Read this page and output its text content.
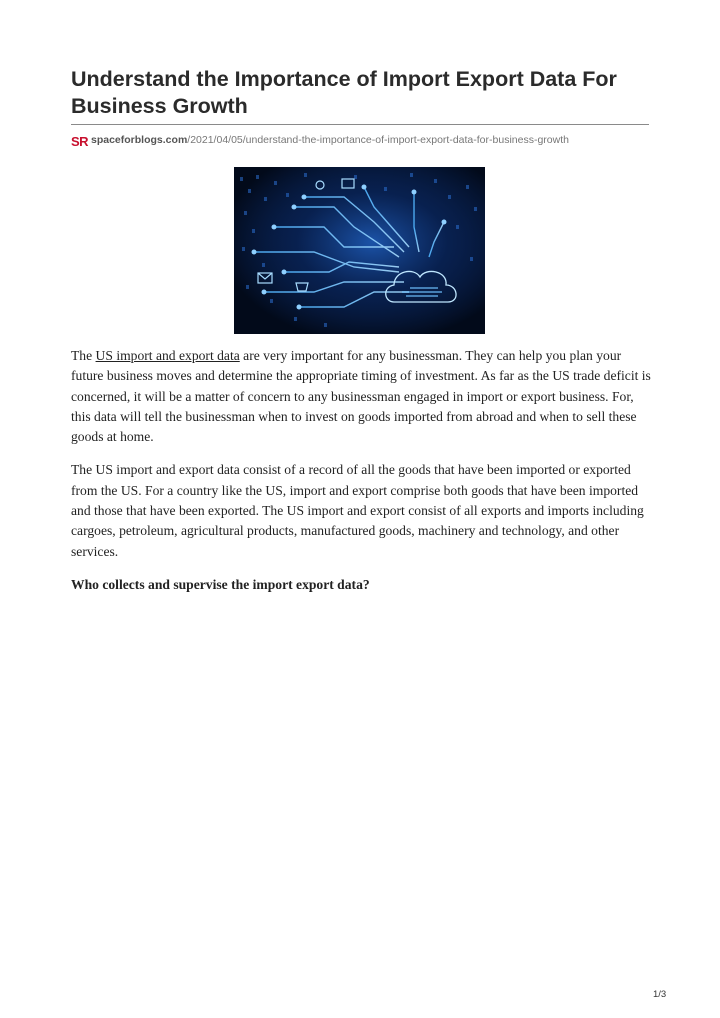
Understand the Importance of Import Export Data For Business Growth
SR spaceforblogs.com /2021/04/05/understand-the-importance-of-import-export-data-for-business-growth

The US import and export data are very important for any businessman. They can help you plan your future business moves and determine the appropriate timing of investment. As far as the US trade deficit is concerned, it will be a matter of concern to any businessman engaged in import or export business. For, this data will tell the businessman when to invest on goods imported from abroad and when to sell these goods at home.

The US import and export data consist of a record of all the goods that have been imported or exported from the US. For a country like the US, import and export comprise both goods that have been imported and those that have been exported. The US import and export consist of all exports and imports including cargoes, petroleum, agricultural products, manufactured goods, machinery and technology, and other services.

Who collects and supervise the import export data?
1/3
